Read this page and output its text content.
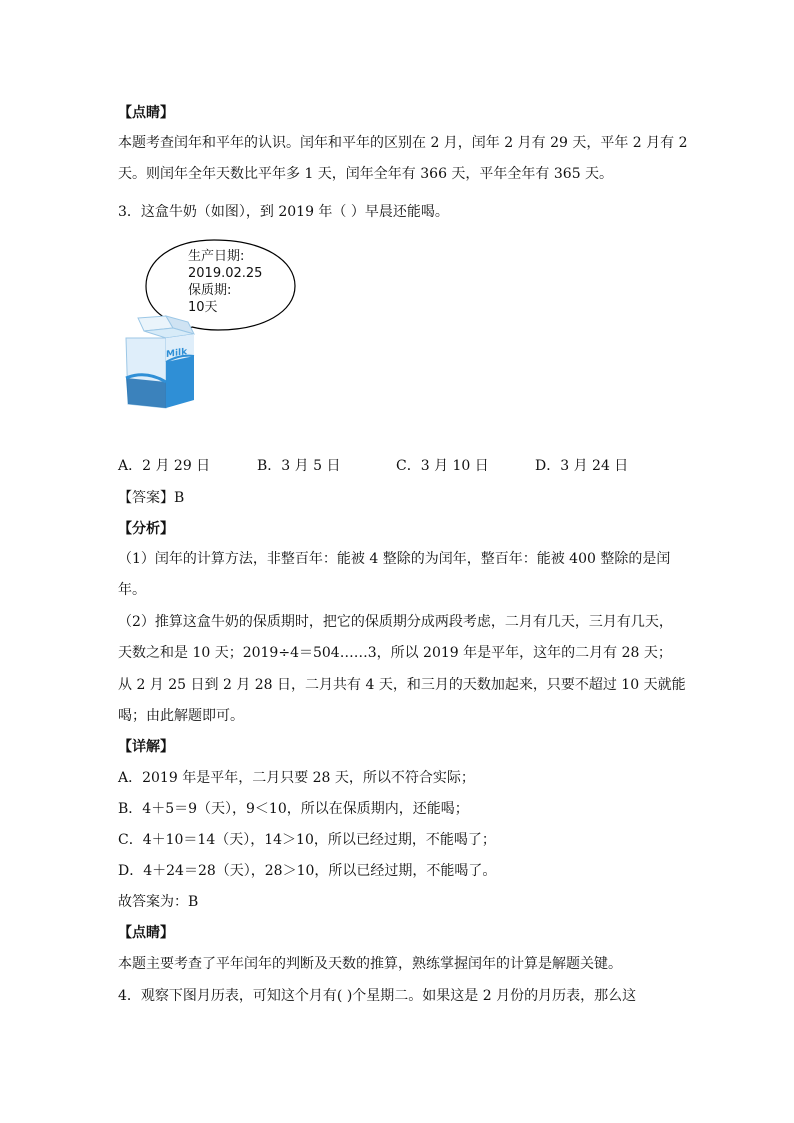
【点睛】
本题考查闰年和平年的认识。闰年和平年的区别在 2 月，闰年 2 月有 29 天，平年 2 月有 2
天。则闰年全年天数比平年多 1 天，闰年全年有 366 天，平年全年有 365 天。
3．这盒牛奶（如图），到 2019 年（ ）早晨还能喝。
生产日期:
2019.02.25
保质期:
10天
Milk
A．2 月 29 日	B．3 月 5 日	C．3 月 10 日	D．3 月 24 日
【答案】B
【分析】
（1）闰年的计算方法，非整百年：能被 4 整除的为闰年，整百年：能被 400 整除的是闰
年。
（2）推算这盒牛奶的保质期时，把它的保质期分成两段考虑，二月有几天，三月有几天，
天数之和是 10 天；2019÷4＝504……3，所以 2019 年是平年，这年的二月有 28 天；
从 2 月 25 日到 2 月 28 日，二月共有 4 天，和三月的天数加起来，只要不超过 10 天就能
喝；由此解题即可。
【详解】
A．2019 年是平年，二月只要 28 天，所以不符合实际；
B．4＋5＝9（天），9＜10，所以在保质期内，还能喝；
C．4＋10＝14（天），14＞10，所以已经过期，不能喝了；
D．4＋24＝28（天），28＞10，所以已经过期，不能喝了。
故答案为：B
【点睛】
本题主要考查了平年闰年的判断及天数的推算，熟练掌握闰年的计算是解题关键。
4．观察下图月历表，可知这个月有( )个星期二。如果这是 2 月份的月历表，那么这
